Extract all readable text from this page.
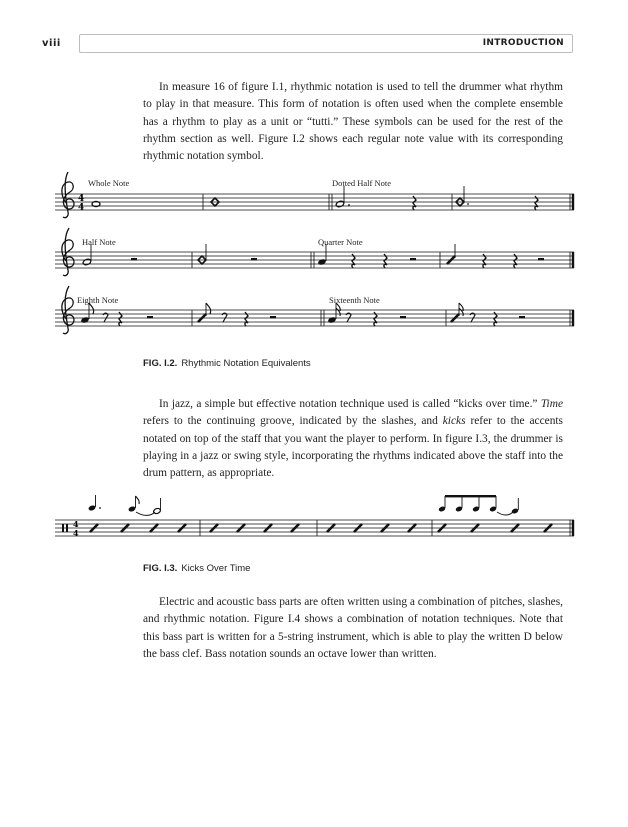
viii	INTRODUCTION

In measure 16 of figure I.1, rhythmic notation is used to tell the drummer what rhythm to play in that measure. This form of notation is often used when the complete ensemble has a rhythm to play as a unit or “tutti.” These symbols can be used for the rest of the rhythm section as well. Figure I.2 shows each regular note value with its corresponding rhythmic notation symbol.

Whole Note	Dotted Half Note
Half Note	Quarter Note
Eighth Note	Sixteenth Note
4
4
FIG. I.2. Rhythmic Notation Equivalents

In jazz, a simple but effective notation technique used is called “kicks over time.” Time refers to the continuing groove, indicated by the slashes, and kicks refer to the accents notated on top of the staff that you want the player to perform. In figure I.3, the drummer is playing in a jazz or swing style, incorporating the rhythms indicated above the staff into the drum pattern, as appropriate.

4
4
FIG. I.3. Kicks Over Time

Electric and acoustic bass parts are often written using a combination of pitches, slashes, and rhythmic notation. Figure I.4 shows a combination of notation techniques. Note that this bass part is written for a 5-string instrument, which is able to play the written D below the bass clef. Bass notation sounds an octave lower than written.
